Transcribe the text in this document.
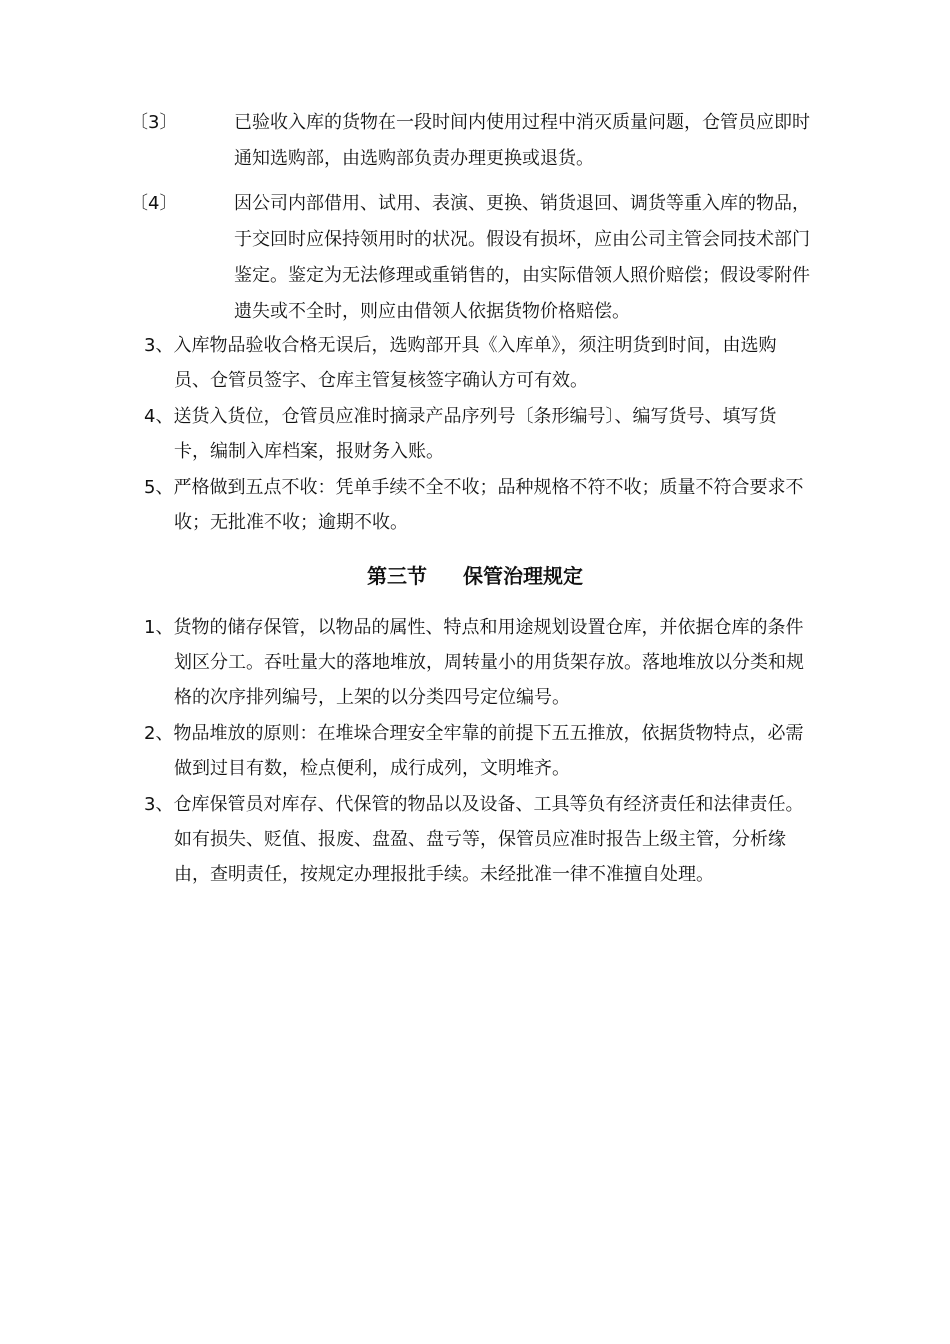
〔3〕	已验收入库的货物在一段时间内使用过程中消灭质量问题，仓管员应即时通知选购部，由选购部负责办理更换或退货。
〔4〕	因公司内部借用、试用、表演、更换、销货退回、调货等重入库的物品，于交回时应保持领用时的状况。假设有损坏，应由公司主管会同技术部门鉴定。鉴定为无法修理或重销售的，由实际借领人照价赔偿；假设零附件遗失或不全时，则应由借领人依据货物价格赔偿。
3、入库物品验收合格无误后，选购部开具《入库单》，须注明货到时间，由选购员、仓管员签字、仓库主管复核签字确认方可有效。
4、送货入货位，仓管员应准时摘录产品序列号〔条形编号〕、编写货号、填写货卡，编制入库档案，报财务入账。
5、严格做到五点不收：凭单手续不全不收；品种规格不符不收；质量不符合要求不收；无批准不收；逾期不收。
第三节 保管治理规定
1、货物的储存保管，以物品的属性、特点和用途规划设置仓库，并依据仓库的条件划区分工。吞吐量大的落地堆放，周转量小的用货架存放。落地堆放以分类和规格的次序排列编号，上架的以分类四号定位编号。
2、物品堆放的原则：在堆垛合理安全牢靠的前提下五五推放，依据货物特点，必需做到过目有数，检点便利，成行成列，文明堆齐。
3、仓库保管员对库存、代保管的物品以及设备、工具等负有经济责任和法律责任。如有损失、贬值、报废、盘盈、盘亏等，保管员应准时报告上级主管，分析缘由，查明责任，按规定办理报批手续。未经批准一律不准擅自处理。
